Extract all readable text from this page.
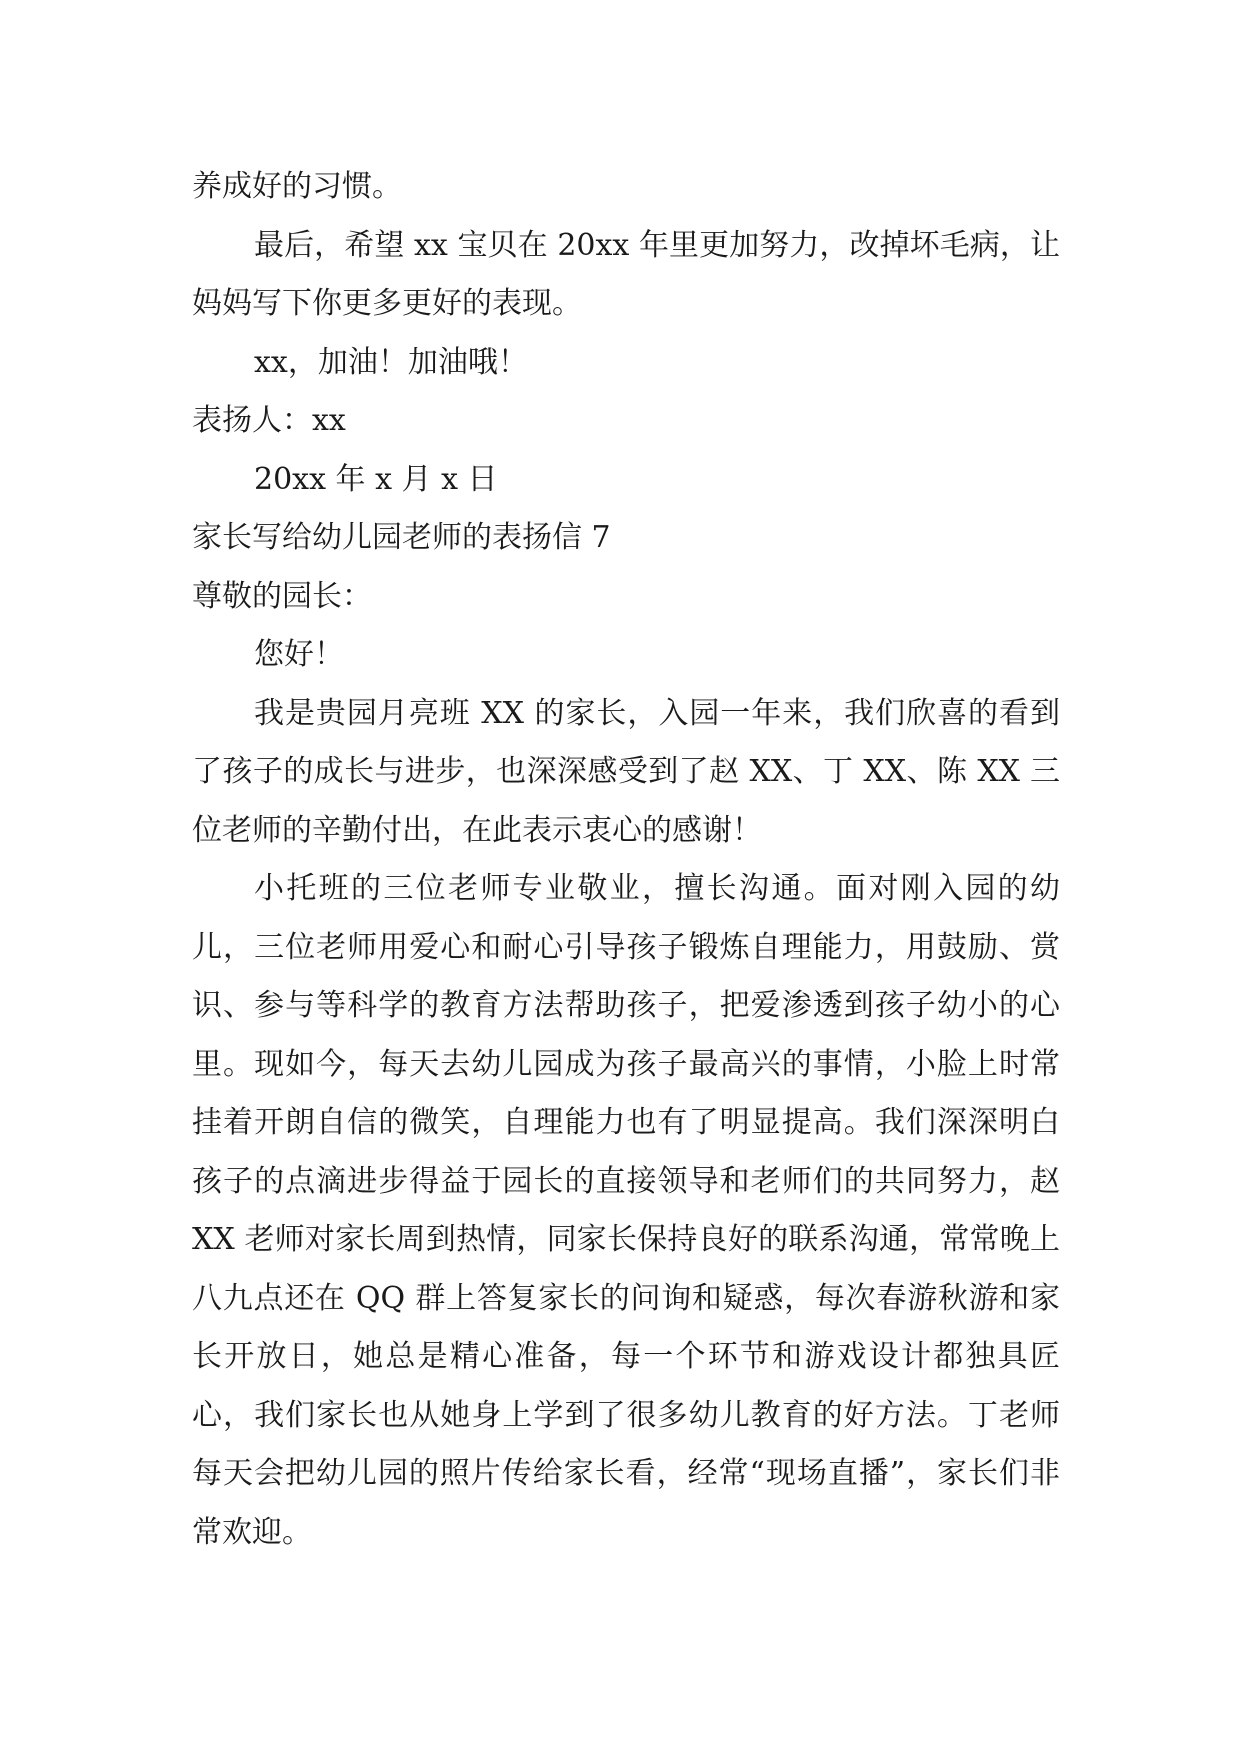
养成好的习惯。

最后，希望 xx 宝贝在 20xx 年里更加努力，改掉坏毛病，让妈妈写下你更多更好的表现。

xx，加油！加油哦！

表扬人：xx

20xx 年 x 月 x 日

家长写给幼儿园老师的表扬信 7

尊敬的园长：

您好！

我是贵园月亮班 XX 的家长，入园一年来，我们欣喜的看到了孩子的成长与进步，也深深感受到了赵 XX、丁 XX、陈 XX 三位老师的辛勤付出，在此表示衷心的感谢！

小托班的三位老师专业敬业，擅长沟通。面对刚入园的幼儿，三位老师用爱心和耐心引导孩子锻炼自理能力，用鼓励、赏识、参与等科学的教育方法帮助孩子，把爱渗透到孩子幼小的心里。现如今，每天去幼儿园成为孩子最高兴的事情，小脸上时常挂着开朗自信的微笑，自理能力也有了明显提高。我们深深明白孩子的点滴进步得益于园长的直接领导和老师们的共同努力，赵 XX 老师对家长周到热情，同家长保持良好的联系沟通，常常晚上八九点还在 QQ 群上答复家长的问询和疑惑，每次春游秋游和家长开放日，她总是精心准备，每一个环节和游戏设计都独具匠心，我们家长也从她身上学到了很多幼儿教育的好方法。丁老师每天会把幼儿园的照片传给家长看，经常“现场直播”，家长们非常欢迎。
